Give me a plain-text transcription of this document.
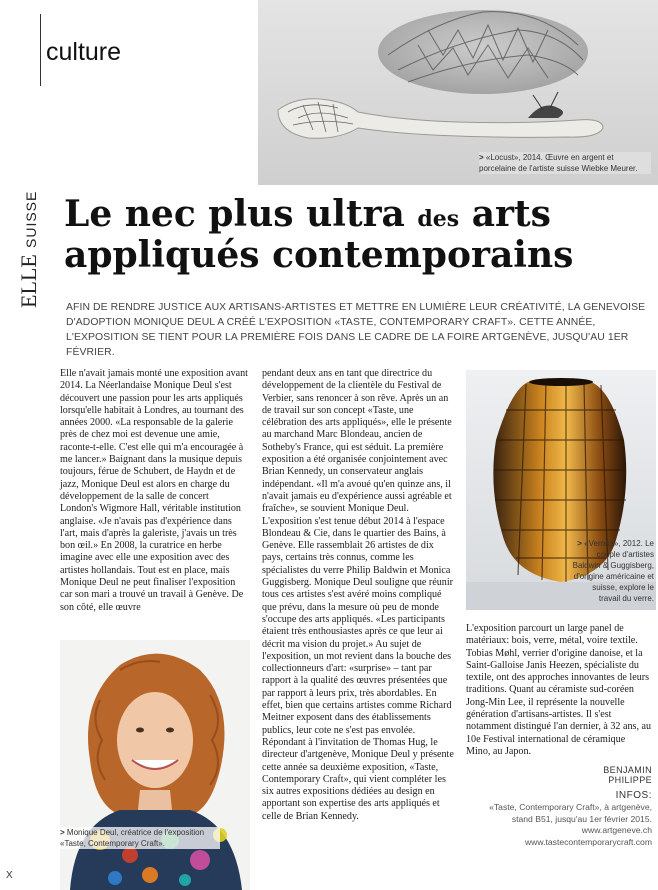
culture
> «Locust», 2014. Œuvre en argent et porcelaine de l'artiste suisse Wiebke Meurer.
ELLE
SUISSE Le nec plus ultra des arts
appliqués contemporains
AFIN DE RENDRE JUSTICE AUX ARTISANS-ARTISTES ET METTRE EN LUMIÈRE LEUR CRÉATIVITÉ, LA GENEVOISE D'ADOPTION MONIQUE DEUL A CRÉÉ L'EXPOSITION «TASTE, CONTEMPORARY CRAFT». CETTE ANNÉE, L'EXPOSITION SE TIENT POUR LA PREMIÈRE FOIS DANS LE CADRE DE LA FOIRE ARTGENÈVE, JUSQU'AU 1ER FÉVRIER.
Elle n'avait jamais monté une exposition avant 2014. La Néerlandaise Monique Deul s'est découvert une passion pour les arts appliqués lorsqu'elle habitait à Londres, au tournant des années 2000. «La responsable de la galerie près de chez moi est devenue une amie, raconte-t-elle. C'est elle qui m'a encouragée à me lancer.» Baignant dans la musique depuis toujours, férue de Schubert, de Haydn et de jazz, Monique Deul est alors en charge du développement de la salle de concert London's Wigmore Hall, véritable institution anglaise. «Je n'avais pas d'expérience dans l'art, mais d'après la galeriste, j'avais un très bon œil.» En 2008, la curatrice en herbe imagine avec elle une exposition avec des artistes hollandais. Tout est en place, mais Monique Deul ne peut finaliser l'exposition car son mari a trouvé un travail à Genève. De son côté, elle œuvre
pendant deux ans en tant que directrice du développement de la clientèle du Festival de Verbier, sans renoncer à son rêve. Après un an de travail sur son concept «Taste, une célébration des arts appliqués», elle le présente au marchand Marc Blondeau, ancien de Sotheby's France, qui est séduit. La première exposition a été organisée conjointement avec Brian Kennedy, un conservateur anglais indépendant. «Il m'a avoué qu'en quinze ans, il n'avait jamais eu d'expérience aussi agréable et fraîche», se souvient Monique Deul. L'exposition s'est tenue début 2014 à l'espace Blondeau & Cie, dans le quartier des Bains, à Genève. Elle rassemblait 26 artistes de dix pays, certains très connus, comme les spécialistes du verre Philip Baldwin et Monica Guggisberg. Monique Deul souligne que réunir tous ces artistes s'est avéré moins compliqué que prévu, dans la mesure où peu de monde s'occupe des arts appliqués. «Les participants étaient très enthousiastes après ce que leur ai décrit ma vision du projet.» Au sujet de l'exposition, un mot revient dans la bouche des collectionneurs d'art: «surprise» – tant par rapport à la qualité des œuvres présentées que par rapport à leurs prix, très abordables. En effet, bien que certains artistes comme Richard Meitner exposent dans des établissements publics, leur cote ne s'est pas envolée. Répondant à l'invitation de Thomas Hug, le directeur d'artgenève, Monique Deul y présente cette année sa deuxième exposition, «Taste, Contemporary Craft», qui vient compléter les six autres expositions dédiées au design en apportant son expertise des arts appliqués et celle de Brian Kennedy.
> «Verona», 2012. Le couple d'artistes Baldwin & Guggisberg, d'origine américaine et suisse, explore le travail du verre.
L'exposition parcourt un large panel de matériaux: bois, verre, métal, voire textile. Tobias Møhl, verrier d'origine danoise, et la Saint-Galloise Janis Heezen, spécialiste du textile, ont des approches innovantes de leurs traditions. Quant au céramiste sud-coréen Jong-Min Lee, il représente la nouvelle génération d'artisans-artistes. Il s'est notamment distingué l'an dernier, à 32 ans, au 10e Festival international de céramique Mino, au Japon.
> Monique Deul, créatrice de l'exposition «Taste, Contemporary Craft».
BENJAMIN PHILIPPE
INFOS:
«Taste, Contemporary Craft», à artgenève, stand B51, jusqu'au 1er février 2015.
www.artgeneve.ch
www.tastecontemporarycraft.com
X
